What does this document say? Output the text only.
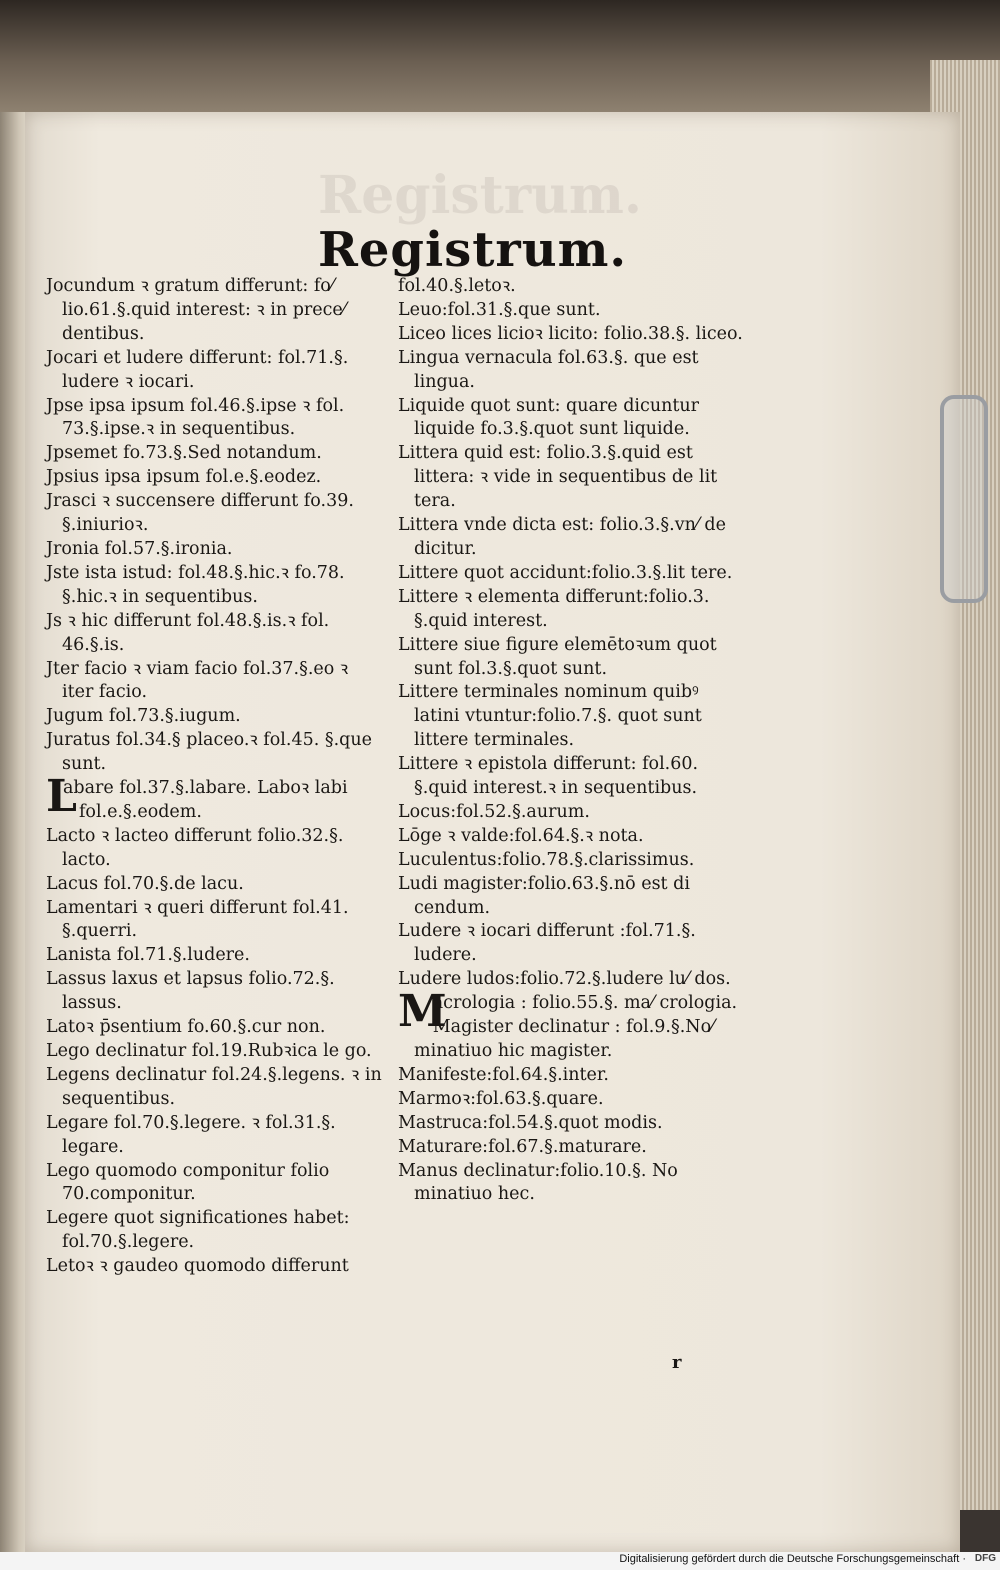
Registrum.
Registrum.
Jocundum ꝛ gratum differunt: fo⁄ lio.61.§.quid interest: ꝛ in prece⁄ dentibus.
Jocari et ludere differunt: fol.71.§. ludere ꝛ iocari.
Jpse ipsa ipsum fol.46.§.ipse ꝛ fol. 73.§.ipse.ꝛ in sequentibus.
Jpsemet fo.73.§.Sed notandum.
Jpsius ipsa ipsum fol.e.§.eodez.
Jrasci ꝛ succensere differunt fo.39. §.iniurioꝛ.
Jronia fol.57.§.ironia.
Jste ista istud: fol.48.§.hic.ꝛ fo.78. §.hic.ꝛ in sequentibus.
Js ꝛ hic differunt fol.48.§.is.ꝛ fol. 46.§.is.
Jter facio ꝛ viam facio fol.37.§.eo ꝛ iter facio.
Jugum fol.73.§.iugum.
Juratus fol.34.§ placeo.ꝛ fol.45. §.que sunt.
Labare fol.37.§.labare. Laboꝛ labi fol.e.§.eodem.
Lacto ꝛ lacteo differunt folio.32.§. lacto.
Lacus fol.70.§.de lacu.
Lamentari ꝛ queri differunt fol.41. §.querri.
Lanista fol.71.§.ludere.
Lassus laxus et lapsus folio.72.§. lassus.
Latoꝛ p̄sentium fo.60.§.cur non.
Lego declinatur fol.19.Rubꝛica le go.
Legens declinatur fol.24.§.legens. ꝛ in sequentibus.
Legare fol.70.§.legere. ꝛ fol.31.§. legare.
Lego quomodo componitur folio 70.componitur.
Legere quot significationes habet: fol.70.§.legere.
Letoꝛ ꝛ gaudeo quomodo differunt
fol.40.§.letoꝛ.
Leuo:fol.31.§.que sunt.
Liceo lices licioꝛ licito: folio.38.§. liceo.
Lingua vernacula fol.63.§. que est lingua.
Liquide quot sunt: quare dicuntur liquide fo.3.§.quot sunt liquide.
Littera quid est: folio.3.§.quid est littera: ꝛ vide in sequentibus de lit tera.
Littera vnde dicta est: folio.3.§.vn⁄ de dicitur.
Littere quot accidunt:folio.3.§.lit tere.
Littere ꝛ elementa differunt:folio.3. §.quid interest.
Littere siue figure elemētoꝛum quot sunt fol.3.§.quot sunt.
Littere terminales nominum quibꝰ latini vtuntur:folio.7.§. quot sunt littere terminales.
Littere ꝛ epistola differunt: fol.60. §.quid interest.ꝛ in sequentibus.
Locus:fol.52.§.aurum.
Lōge ꝛ valde:fol.64.§.ꝛ nota.
Luculentus:folio.78.§.clarissimus.
Ludi magister:folio.63.§.nō est di cendum.
Ludere ꝛ iocari differunt :fol.71.§. ludere.
Ludere ludos:folio.72.§.ludere lu⁄ dos.
Macrologia : folio.55.§. ma⁄ crologia.
Magister declinatur : fol.9.§.No⁄ minatiuo hic magister.
Manifeste:fol.64.§.inter.
Marmoꝛ:fol.63.§.quare.
Mastruca:fol.54.§.quot modis.
Maturare:fol.67.§.maturare.
Manus declinatur:folio.10.§. No minatiuo hec.
r
Digitalisierung gefördert durch die Deutsche Forschungsgemeinschaft · DFG
